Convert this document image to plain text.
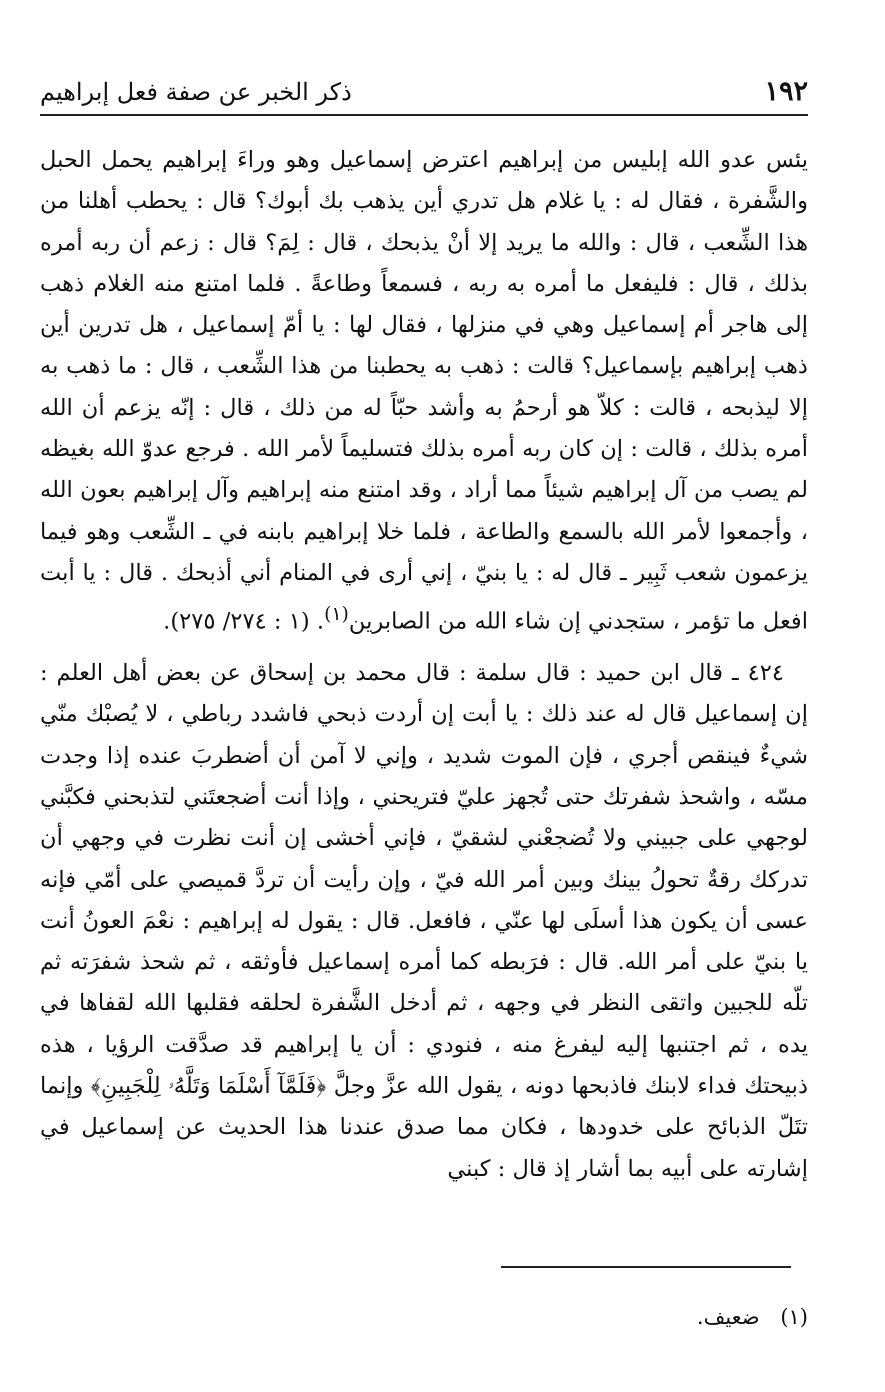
١٩٢
ذكر الخبر عن صفة فعل إبراهيم

يئس عدو الله إبليس من إبراهيم اعترض إسماعيل وهو وراءَ إبراهيم يحمل الحبل والشَّفرة ، فقال له : يا غلام هل تدري أين يذهب بك أبوك؟ قال : يحطب أهلنا من هذا الشِّعب ، قال : والله ما يريد إلا أنْ يذبحك ، قال : لِمَ؟ قال : زعم أن ربه أمره بذلك ، قال : فليفعل ما أمره به ربه ، فسمعاً وطاعةً . فلما امتنع منه الغلام ذهب إلى هاجر أم إسماعيل وهي في منزلها ، فقال لها : يا أمّ إسماعيل ، هل تدرين أين ذهب إبراهيم بإسماعيل؟ قالت : ذهب به يحطبنا من هذا الشِّعب ، قال : ما ذهب به إلا ليذبحه ، قالت : كلاّ هو أرحمُ به وأشد حبّاً له من ذلك ، قال : إنّه يزعم أن الله أمره بذلك ، قالت : إن كان ربه أمره بذلك فتسليماً لأمر الله . فرجع عدوّ الله بغيظه لم يصب من آل إبراهيم شيئاً مما أراد ، وقد امتنع منه إبراهيم وآل إبراهيم بعون الله ، وأجمعوا لأمر الله بالسمع والطاعة ، فلما خلا إبراهيم بابنه في ـ الشِّعب وهو فيما يزعمون شعب ثَبِير ـ قال له : يا بنيّ ، إني أرى في المنام أني أذبحك . قال : يا أبت افعل ما تؤمر ، ستجدني إن شاء الله من الصابرين$^{(١)}$. (١ : ٢٧٤/ ٢٧٥).

٤٢٤ ـ قال ابن حميد : قال سلمة : قال محمد بن إسحاق عن بعض أهل العلم : إن إسماعيل قال له عند ذلك : يا أبت إن أردت ذبحي فاشدد رباطي ، لا يُصبْك منّي شيءٌ فينقص أجري ، فإن الموت شديد ، وإني لا آمن أن أضطربَ عنده إذا وجدت مسّه ، واشحذ شفرتك حتى تُجهز عليّ فتريحني ، وإذا أنت أضجعتَني لتذبحني فكبَّني لوجهي على جبيني ولا تُضجعْني لشقيّ ، فإني أخشى إن أنت نظرت في وجهي أن تدركك رقةٌ تحولُ بينك وبين أمر الله فيّ ، وإن رأيت أن تردَّ قميصي على أمّي فإنه عسى أن يكون هذا أسلَى لها عنّي ، فافعل. قال : يقول له إبراهيم : نعْمَ العونُ أنت يا بنيّ على أمر الله. قال : فرَبطه كما أمره إسماعيل فأوثقه ، ثم شحذ شفرَته ثم تلّه للجبين واتقى النظر في وجهه ، ثم أدخل الشَّفرة لحلقه فقلبها الله لقفاها في يده ، ثم اجتنبها إليه ليفرغ منه ، فنودي : أن يا إبراهيم قد صدَّقت الرؤيا ، هذه ذبيحتك فداء لابنك فاذبحها دونه ، يقول الله عزَّ وجلَّ ﴿فَلَمَّآ أَسْلَمَا وَتَلَّهُۥ لِلْجَبِينِ﴾ وإنما تتَلّ الذبائح على خدودها ، فكان مما صدق عندنا هذا الحديث عن إسماعيل في إشارته على أبيه بما أشار إذ قال : كبني

(١) ضعيف.
